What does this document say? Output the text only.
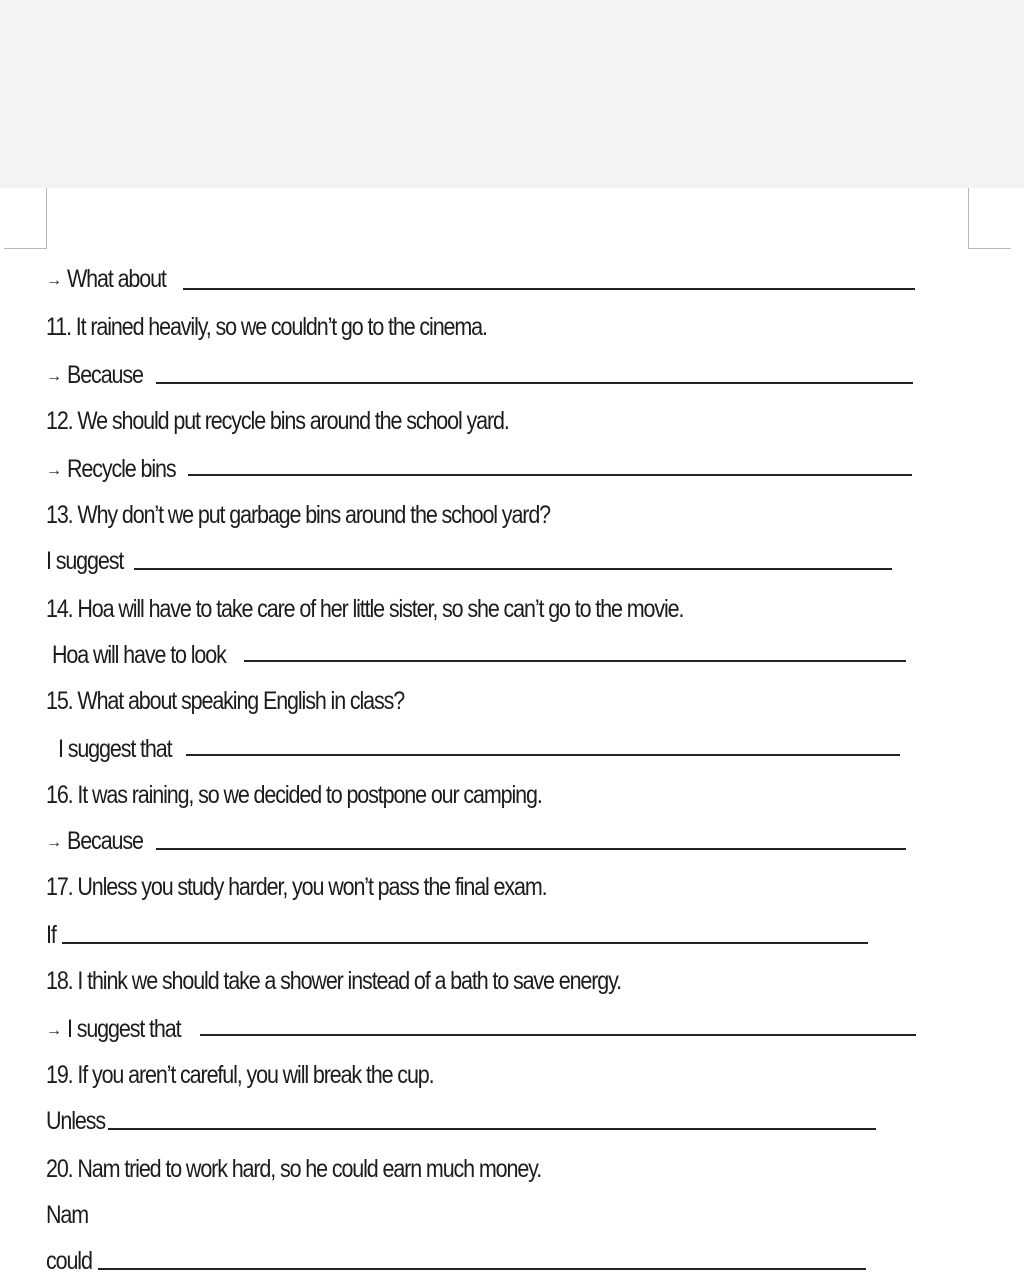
→ What about
11. It rained heavily, so we couldn’t go to the cinema.
→ Because
12. We should put recycle bins around the school yard.
→ Recycle bins
13. Why don’t we put garbage bins around the school yard?
I suggest
14. Hoa will have to take care of her little sister, so she can’t go to the movie.
Hoa will have to look
15. What about speaking English in class?
I suggest that
16. It was raining, so we decided to postpone our camping.
→ Because
17. Unless you study harder, you won’t pass the final exam.
If
18. I think we should take a shower instead of a bath to save energy.
→ I suggest that
19. If you aren’t careful, you will break the cup.
Unless
20. Nam tried to work hard, so he could earn much money.
Nam
could
